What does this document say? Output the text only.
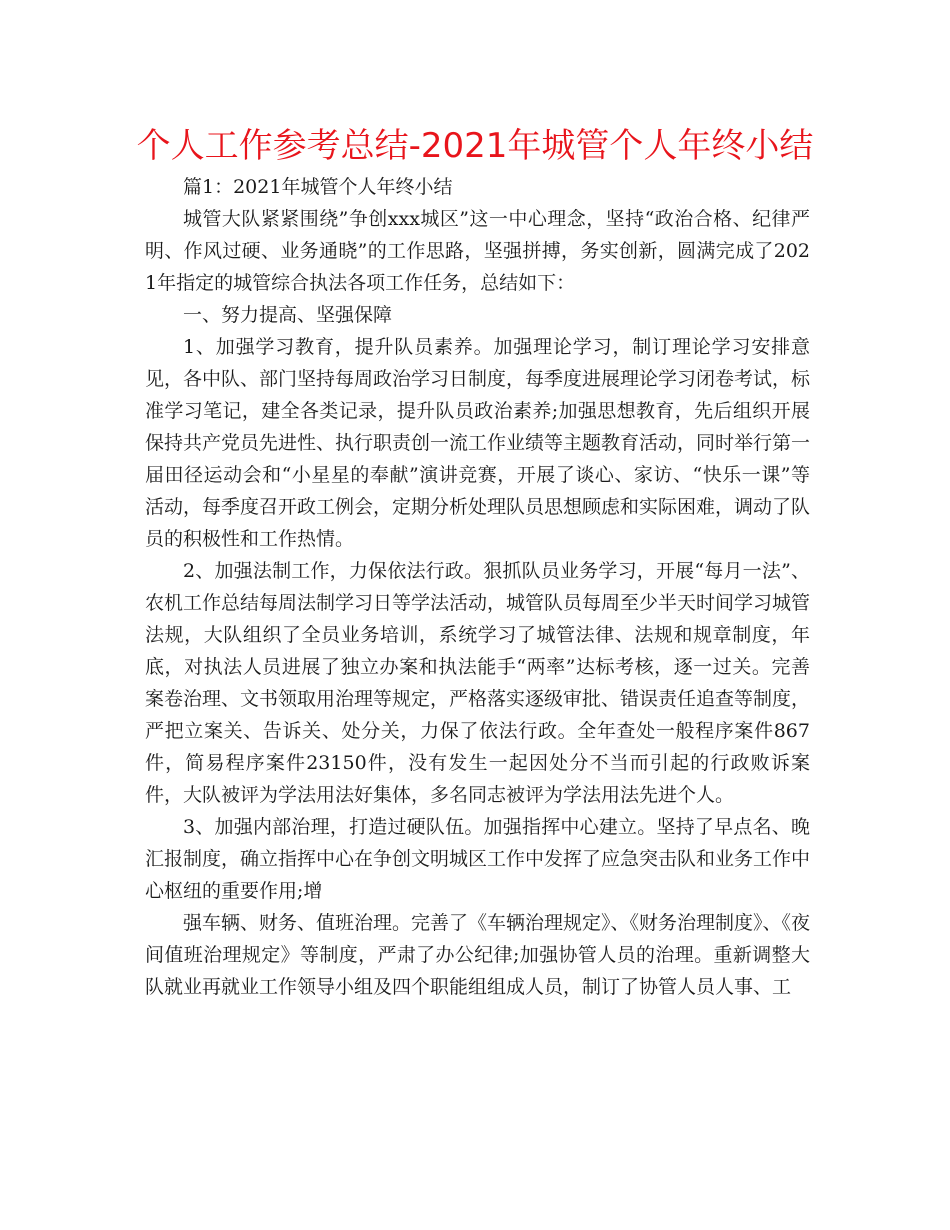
个人工作参考总结-2021年城管个人年终小结

篇1：2021年城管个人年终小结

城管大队紧紧围绕”争创xxx城区”这一中心理念，坚持“政治合格、纪律严明、作风过硬、业务通晓”的工作思路，坚强拼搏，务实创新，圆满完成了2021年指定的城管综合执法各项工作任务，总结如下：

一、努力提高、坚强保障

1、加强学习教育，提升队员素养。加强理论学习，制订理论学习安排意见，各中队、部门坚持每周政治学习日制度，每季度进展理论学习闭卷考试，标准学习笔记，建全各类记录，提升队员政治素养;加强思想教育，先后组织开展保持共产党员先进性、执行职责创一流工作业绩等主题教育活动，同时举行第一届田径运动会和“小星星的奉献”演讲竞赛，开展了谈心、家访、“快乐一课”等活动，每季度召开政工例会，定期分析处理队员思想顾虑和实际困难，调动了队员的积极性和工作热情。

2、加强法制工作，力保依法行政。狠抓队员业务学习，开展“每月一法”、农机工作总结每周法制学习日等学法活动，城管队员每周至少半天时间学习城管法规，大队组织了全员业务培训，系统学习了城管法律、法规和规章制度，年底，对执法人员进展了独立办案和执法能手“两率”达标考核，逐一过关。完善案卷治理、文书领取用治理等规定，严格落实逐级审批、错误责任追查等制度，严把立案关、告诉关、处分关，力保了依法行政。全年查处一般程序案件867件，简易程序案件23150件，没有发生一起因处分不当而引起的行政败诉案件，大队被评为学法用法好集体，多名同志被评为学法用法先进个人。

3、加强内部治理，打造过硬队伍。加强指挥中心建立。坚持了早点名、晚汇报制度，确立指挥中心在争创文明城区工作中发挥了应急突击队和业务工作中心枢纽的重要作用;增

强车辆、财务、值班治理。完善了《车辆治理规定》、《财务治理制度》、《夜间值班治理规定》等制度，严肃了办公纪律;加强协管人员的治理。重新调整大队就业再就业工作领导小组及四个职能组组成人员，制订了协管人员人事、工
